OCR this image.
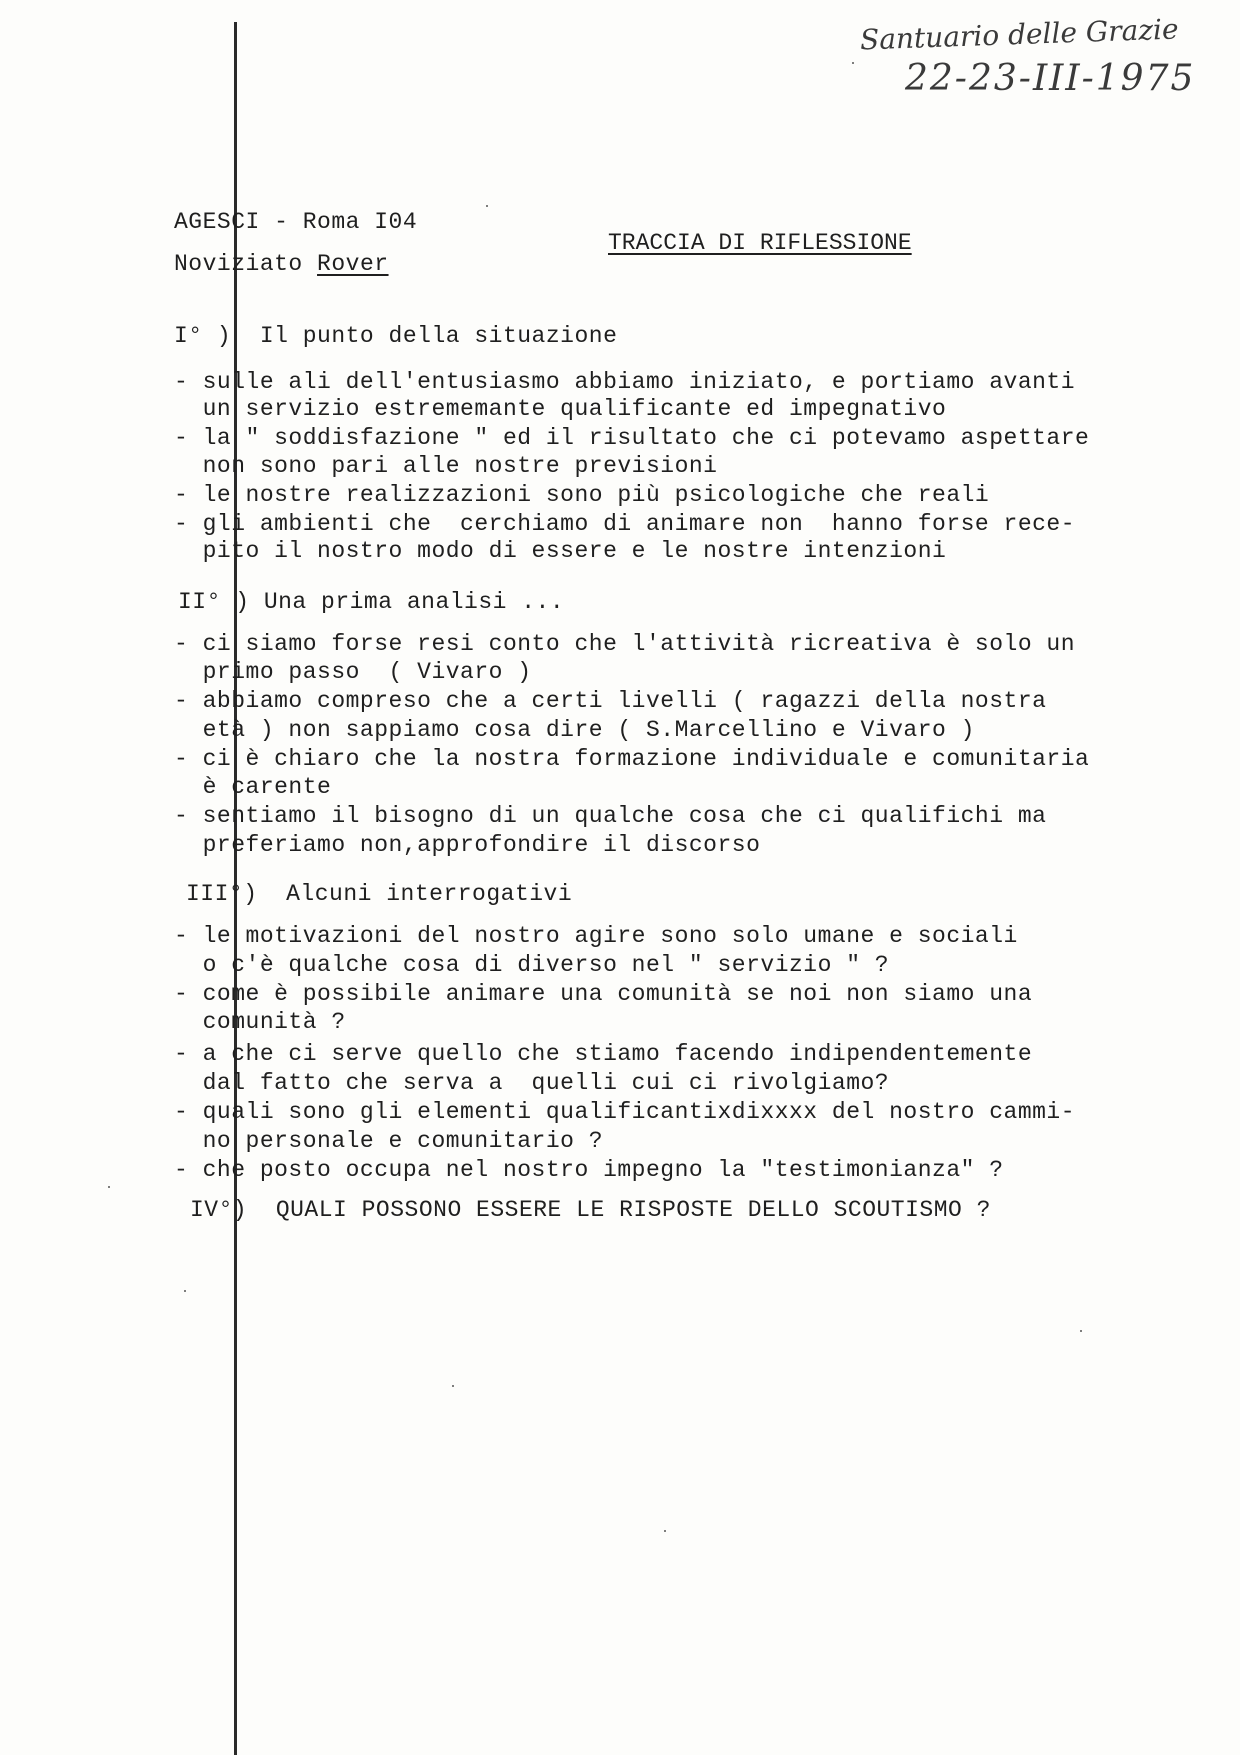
Santuario delle Grazie
22-23-III-1975
AGESCI - Roma I04
Noviziato Rover
TRACCIA DI RIFLESSIONE
I° )  Il punto della situazione
- sulle ali dell'entusiasmo abbiamo iniziato, e portiamo avanti
un servizio estrememante qualificante ed impegnativo
- la " soddisfazione " ed il risultato che ci potevamo aspettare
non sono pari alle nostre previsioni
- le nostre realizzazioni sono più psicologiche che reali
- gli ambienti che  cerchiamo di animare non  hanno forse rece-
pito il nostro modo di essere e le nostre intenzioni
II° ) Una prima analisi ...
- ci siamo forse resi conto che l'attività ricreativa è solo un
primo passo  ( Vivaro )
- abbiamo compreso che a certi livelli ( ragazzi della nostra
età ) non sappiamo cosa dire ( S.Marcellino e Vivaro )
- ci è chiaro che la nostra formazione individuale e comunitaria
è carente
- sentiamo il bisogno di un qualche cosa che ci qualifichi ma
preferiamo non,approfondire il discorso
III°)  Alcuni interrogativi
- le motivazioni del nostro agire sono solo umane e sociali
o c'è qualche cosa di diverso nel " servizio " ?
- come è possibile animare una comunità se noi non siamo una
comunità ?
- a che ci serve quello che stiamo facendo indipendentemente
dal fatto che serva a  quelli cui ci rivolgiamo?
- quali sono gli elementi qualificantixdixxxx del nostro cammi-
no personale e comunitario ?
- che posto occupa nel nostro impegno la "testimonianza" ?
IV°)  QUALI POSSONO ESSERE LE RISPOSTE DELLO SCOUTISMO ?
